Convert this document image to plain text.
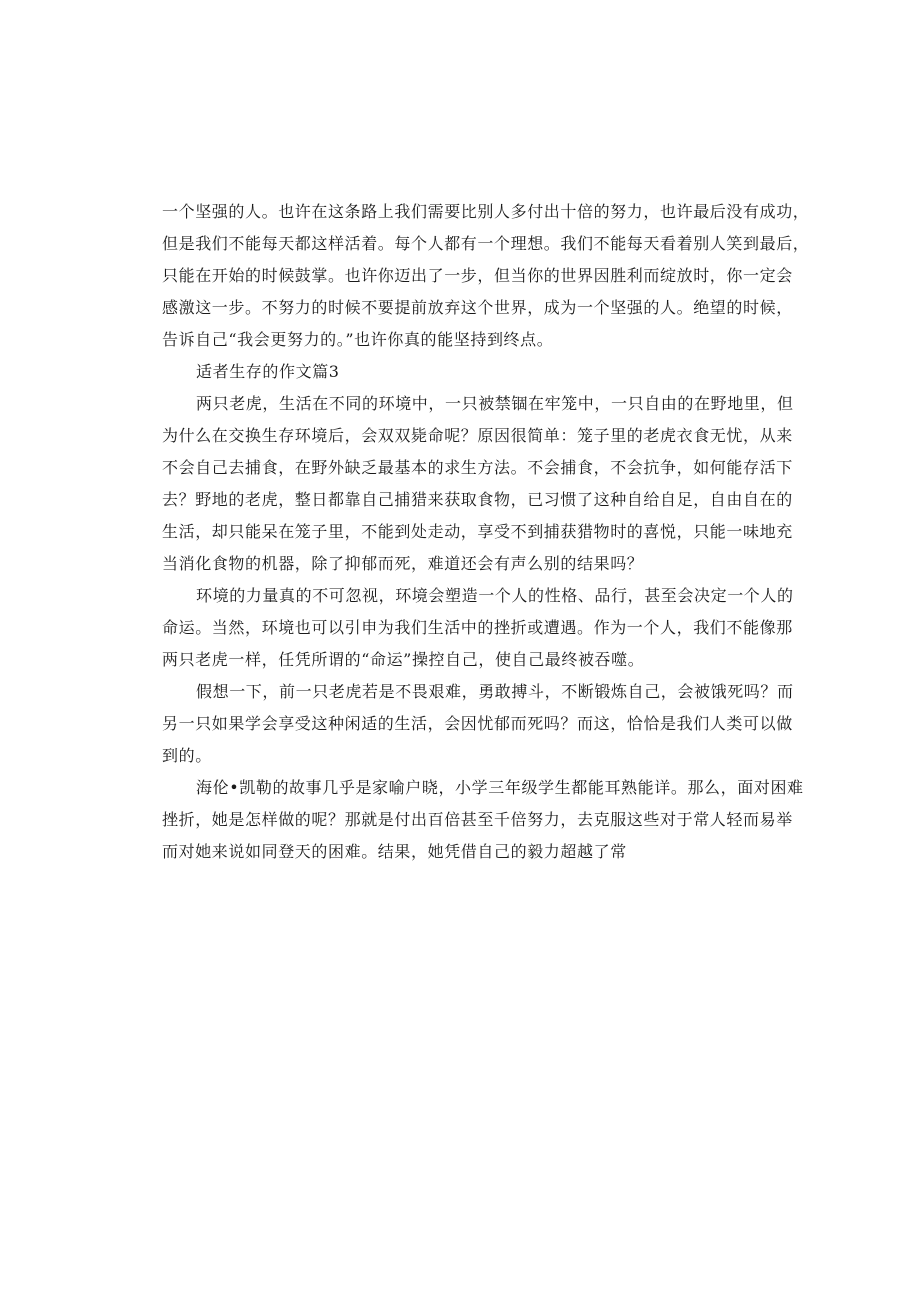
一个坚强的人。也许在这条路上我们需要比别人多付出十倍的努力，也许最后没有成功，
但是我们不能每天都这样活着。每个人都有一个理想。我们不能每天看着别人笑到最后，
只能在开始的时候鼓掌。也许你迈出了一步，但当你的世界因胜利而绽放时，你一定会
感激这一步。不努力的时候不要提前放弃这个世界，成为一个坚强的人。绝望的时候，
告诉自己“我会更努力的。”也许你真的能坚持到终点。
适者生存的作文篇3
两只老虎，生活在不同的环境中，一只被禁锢在牢笼中，一只自由的在野地里，但
为什么在交换生存环境后，会双双毙命呢？原因很简单：笼子里的老虎衣食无忧，从来
不会自己去捕食，在野外缺乏最基本的求生方法。不会捕食，不会抗争，如何能存活下
去？野地的老虎，整日都靠自己捕猎来获取食物，已习惯了这种自给自足，自由自在的
生活，却只能呆在笼子里，不能到处走动，享受不到捕获猎物时的喜悦，只能一味地充
当消化食物的机器，除了抑郁而死，难道还会有声么别的结果吗？
环境的力量真的不可忽视，环境会塑造一个人的性格、品行，甚至会决定一个人的
命运。当然，环境也可以引申为我们生活中的挫折或遭遇。作为一个人，我们不能像那
两只老虎一样，任凭所谓的“命运”操控自己，使自己最终被吞噬。
假想一下，前一只老虎若是不畏艰难，勇敢搏斗，不断锻炼自己，会被饿死吗？而
另一只如果学会享受这种闲适的生活，会因忧郁而死吗？而这，恰恰是我们人类可以做
到的。
海伦•凯勒的故事几乎是家喻户晓，小学三年级学生都能耳熟能详。那么，面对困难
挫折，她是怎样做的呢？那就是付出百倍甚至千倍努力，去克服这些对于常人轻而易举
而对她来说如同登天的困难。结果，她凭借自己的毅力超越了常
